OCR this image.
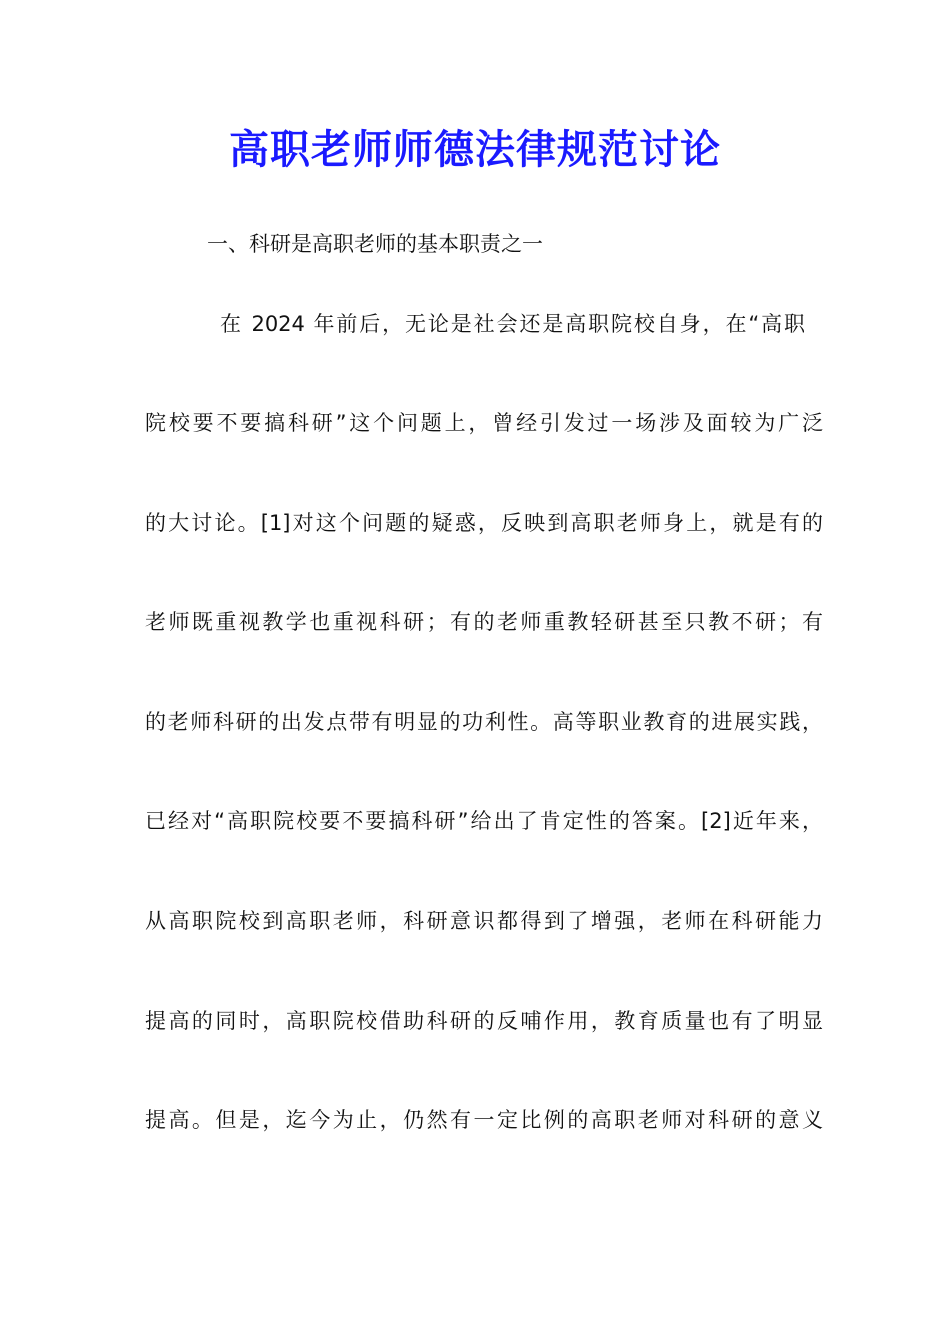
高职老师师德法律规范讨论
一、科研是高职老师的基本职责之一
在 2024 年前后，无论是社会还是高职院校自身，在“高职
院校要不要搞科研”这个问题上，曾经引发过一场涉及面较为广泛
的大讨论。[1]对这个问题的疑惑，反映到高职老师身上，就是有的
老师既重视教学也重视科研；有的老师重教轻研甚至只教不研；有
的老师科研的出发点带有明显的功利性。高等职业教育的进展实践，
已经对“高职院校要不要搞科研”给出了肯定性的答案。[2]近年来，
从高职院校到高职老师，科研意识都得到了增强，老师在科研能力
提高的同时，高职院校借助科研的反哺作用，教育质量也有了明显
提高。但是，迄今为止，仍然有一定比例的高职老师对科研的意义
